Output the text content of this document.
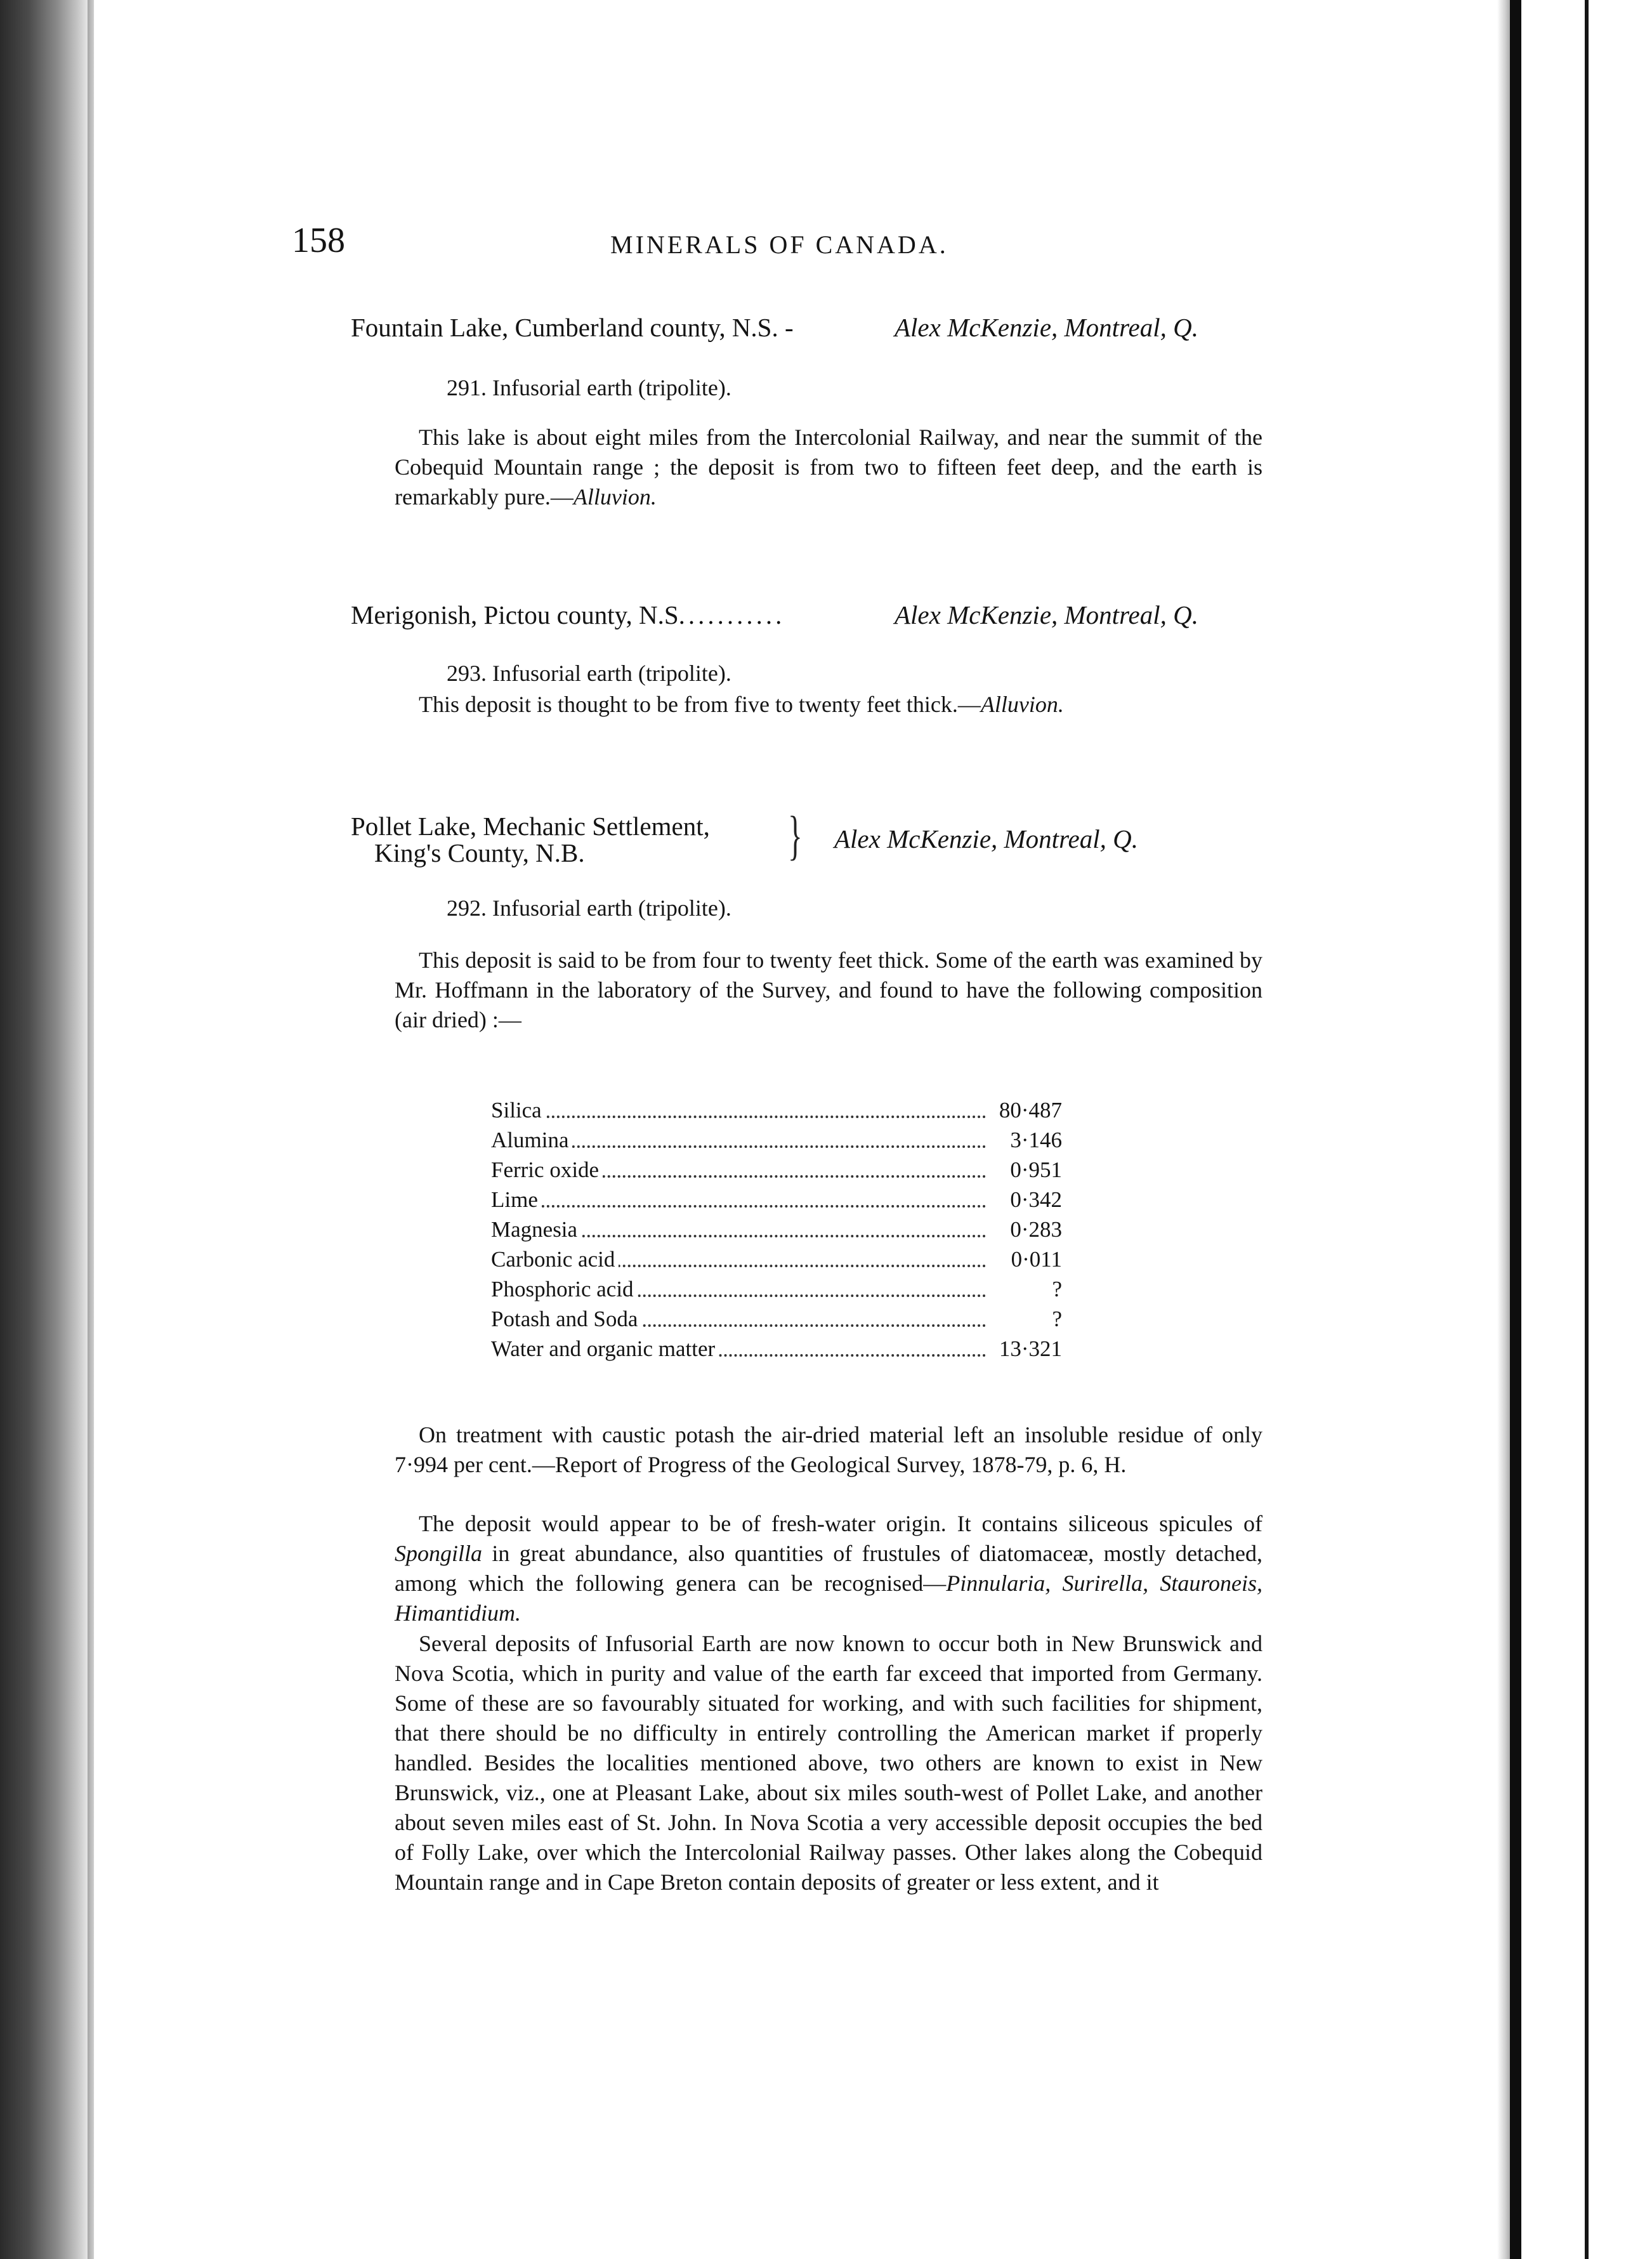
158	MINERALS OF CANADA.
Fountain Lake, Cumberland county, N.S. -	Alex McKenzie, Montreal, Q.
291. Infusorial earth (tripolite).
This lake is about eight miles from the Intercolonial Railway, and near the summit of the Cobequid Mountain range ; the deposit is from two to fifteen feet deep, and the earth is remarkably pure.—Alluvion.
Merigonish, Pictou county, N.S...........	Alex McKenzie, Montreal, Q.
293. Infusorial earth (tripolite).
This deposit is thought to be from five to twenty feet thick.—Alluvion.
Pollet Lake, Mechanic Settlement,
King's County, N.B.	} Alex McKenzie, Montreal, Q.
292. Infusorial earth (tripolite).
This deposit is said to be from four to twenty feet thick. Some of the earth was examined by Mr. Hoffmann in the laboratory of the Survey, and found to have the following composition (air dried) :—
Silica	80·487
Alumina	3·146
Ferric oxide	0·951
Lime	0·342
Magnesia	0·283
Carbonic acid	0·011
Phosphoric acid	?
Potash and Soda	?
Water and organic matter	13·321
On treatment with caustic potash the air-dried material left an insoluble residue of only 7·994 per cent.—Report of Progress of the Geological Survey, 1878-79, p. 6, H.
The deposit would appear to be of fresh-water origin. It contains siliceous spicules of Spongilla in great abundance, also quantities of frustules of diatomaceæ, mostly detached, among which the following genera can be recognised—Pinnularia, Surirella, Stauroneis, Himantidium.
Several deposits of Infusorial Earth are now known to occur both in New Brunswick and Nova Scotia, which in purity and value of the earth far exceed that imported from Germany. Some of these are so favourably situated for working, and with such facilities for shipment, that there should be no difficulty in entirely controlling the American market if properly handled. Besides the localities mentioned above, two others are known to exist in New Brunswick, viz., one at Pleasant Lake, about six miles south-west of Pollet Lake, and another about seven miles east of St. John. In Nova Scotia a very accessible deposit occupies the bed of Folly Lake, over which the Intercolonial Railway passes. Other lakes along the Cobequid Mountain range and in Cape Breton contain deposits of greater or less extent, and it
